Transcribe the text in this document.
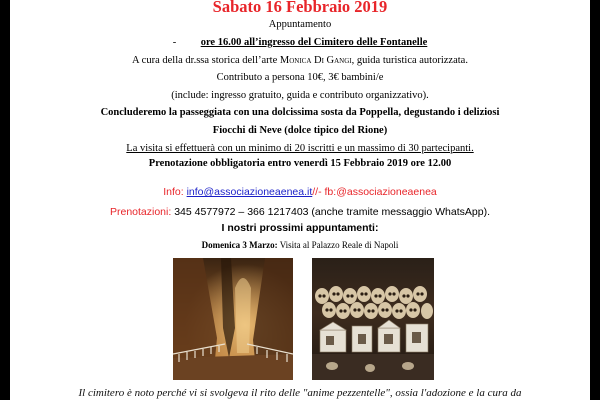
Sabato 16 Febbraio 2019
Appuntamento
- ore 16.00 all’ingresso del Cimitero delle Fontanelle
A cura della dr.ssa storica dell’arte Monica Di Gangi, guida turistica autorizzata.
Contributo a persona 10€, 3€ bambini/e
(include: ingresso gratuito, guida e contributo organizzativo).
Concluderemo la passeggiata con una dolcissima sosta da Poppella, degustando i deliziosi
Fiocchi di Neve (dolce tipico del Rione)
La visita si effettuerà con un minimo di 20 iscritti e un massimo di 30 partecipanti.
Prenotazione obbligatoria entro venerdì 15 Febbraio 2019 ore 12.00
Info: info@associazioneaenea.it//- fb:@associazioneaenea
Prenotazioni: 345 4577972 – 366 1217403 (anche tramite messaggio WhatsApp).
I nostri prossimi appuntamenti:
Domenica 3 Marzo: Visita al Palazzo Reale di Napoli
Il cimitero è noto perché vi si svolgeva il rito delle "anime pezzentelle", ossia l'adozione e la cura da
